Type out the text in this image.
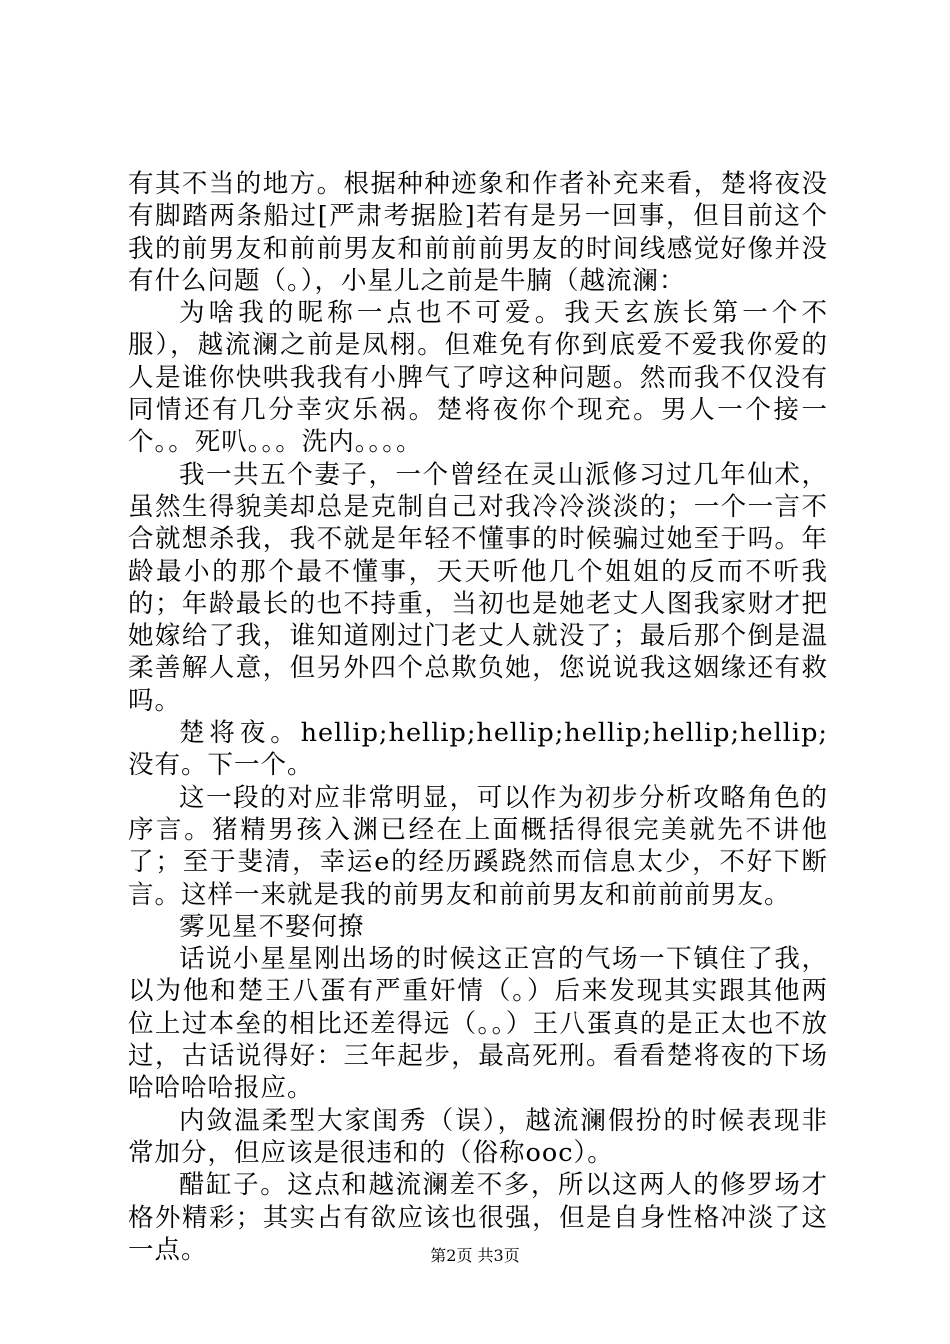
有其不当的地方。根据种种迹象和作者补充来看，楚将夜没有脚踏两条船过[严肃考据脸]若有是另一回事，但目前这个我的前男友和前前男友和前前前男友的时间线感觉好像并没有什么问题（。），小星儿之前是牛腩（越流澜：

为啥我的昵称一点也不可爱。我天玄族长第一个不服），越流澜之前是凤栩。但难免有你到底爱不爱我你爱的人是谁你快哄我我有小脾气了哼这种问题。然而我不仅没有同情还有几分幸灾乐祸。楚将夜你个现充。男人一个接一个。。死叭。。。洗内。。。。

我一共五个妻子，一个曾经在灵山派修习过几年仙术，虽然生得貌美却总是克制自己对我冷冷淡淡的；一个一言不合就想杀我，我不就是年轻不懂事的时候骗过她至于吗。年龄最小的那个最不懂事，天天听他几个姐姐的反而不听我的；年龄最长的也不持重，当初也是她老丈人图我家财才把她嫁给了我，谁知道刚过门老丈人就没了；最后那个倒是温柔善解人意，但另外四个总欺负她，您说说我这姻缘还有救吗。

楚将夜。hellip;hellip;hellip;hellip;hellip;hellip;没有。下一个。

这一段的对应非常明显，可以作为初步分析攻略角色的序言。猪精男孩入渊已经在上面概括得很完美就先不讲他了；至于斐清，幸运e的经历蹊跷然而信息太少，不好下断言。这样一来就是我的前男友和前前男友和前前前男友。

雾见星不娶何撩

话说小星星刚出场的时候这正宫的气场一下镇住了我，以为他和楚王八蛋有严重奸情（。）后来发现其实跟其他两位上过本垒的相比还差得远（。。）王八蛋真的是正太也不放过，古话说得好：三年起步，最高死刑。看看楚将夜的下场哈哈哈哈报应。

内敛温柔型大家闺秀（误），越流澜假扮的时候表现非常加分，但应该是很违和的（俗称ooc）。

醋缸子。这点和越流澜差不多，所以这两人的修罗场才格外精彩；其实占有欲应该也很强，但是自身性格冲淡了这一点。	第2页 共3页
